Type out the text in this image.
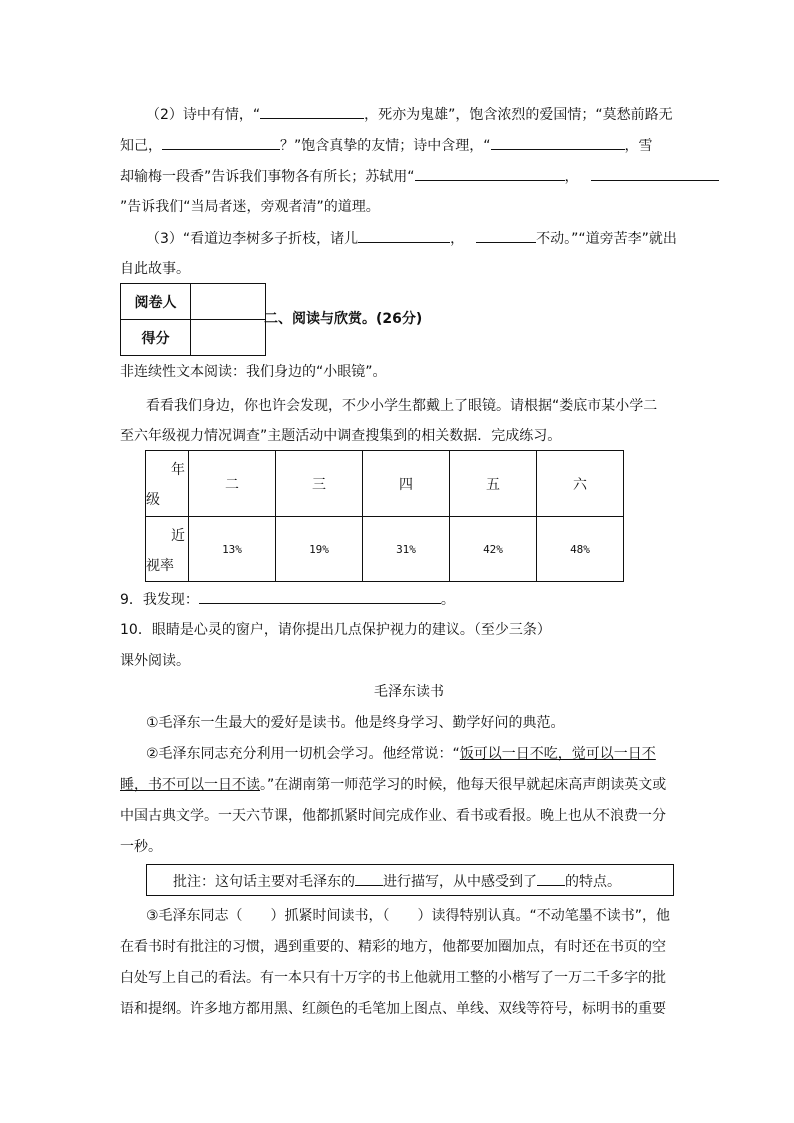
（2）诗中有情，“	，死亦为鬼雄”，饱含浓烈的爱国情；“莫愁前路无
知己，	？”饱含真挚的友情；诗中含理，“	，雪
却输梅一段香”告诉我们事物各有所长；苏轼用“	，
”告诉我们“当局者迷，旁观者清”的道理。
（3）“看道边李树多子折枝，诸儿	，	不动。”“道旁苦李”就出
自此故事。
阅卷人	
得分	
二、阅读与欣赏。(26分)
非连续性文本阅读：我们身边的“小眼镜”。
看看我们身边，你也许会发现，不少小学生都戴上了眼镜。请根据“娄底市某小学二
至六年级视力情况调查”主题活动中调查搜集到的相关数据．完成练习。
年
级	二	三	四	五	六

近
视率	13%	19%	31%	42%	48%
9．我发现：	。
10．眼睛是心灵的窗户，请你提出几点保护视力的建议。（至少三条）
课外阅读。
毛泽东读书
①毛泽东一生最大的爱好是读书。他是终身学习、勤学好问的典范。
②毛泽东同志充分利用一切机会学习。他经常说：“饭可以一日不吃，觉可以一日不
睡，书不可以一日不读。”在湖南第一师范学习的时候，他每天很早就起床高声朗读英文或
中国古典文学。一天六节课，他都抓紧时间完成作业、看书或看报。晚上也从不浪费一分
一秒。
批注：这句话主要对毛泽东的 进行描写，从中感受到了 的特点。
③毛泽东同志（　　）抓紧时间读书，（　　）读得特别认真。“不动笔墨不读书”，他
在看书时有批注的习惯，遇到重要的、精彩的地方，他都要加圈加点，有时还在书页的空
白处写上自己的看法。有一本只有十万字的书上他就用工整的小楷写了一万二千多字的批
语和提纲。许多地方都用黑、红颜色的毛笔加上图点、单线、双线等符号，标明书的重要
